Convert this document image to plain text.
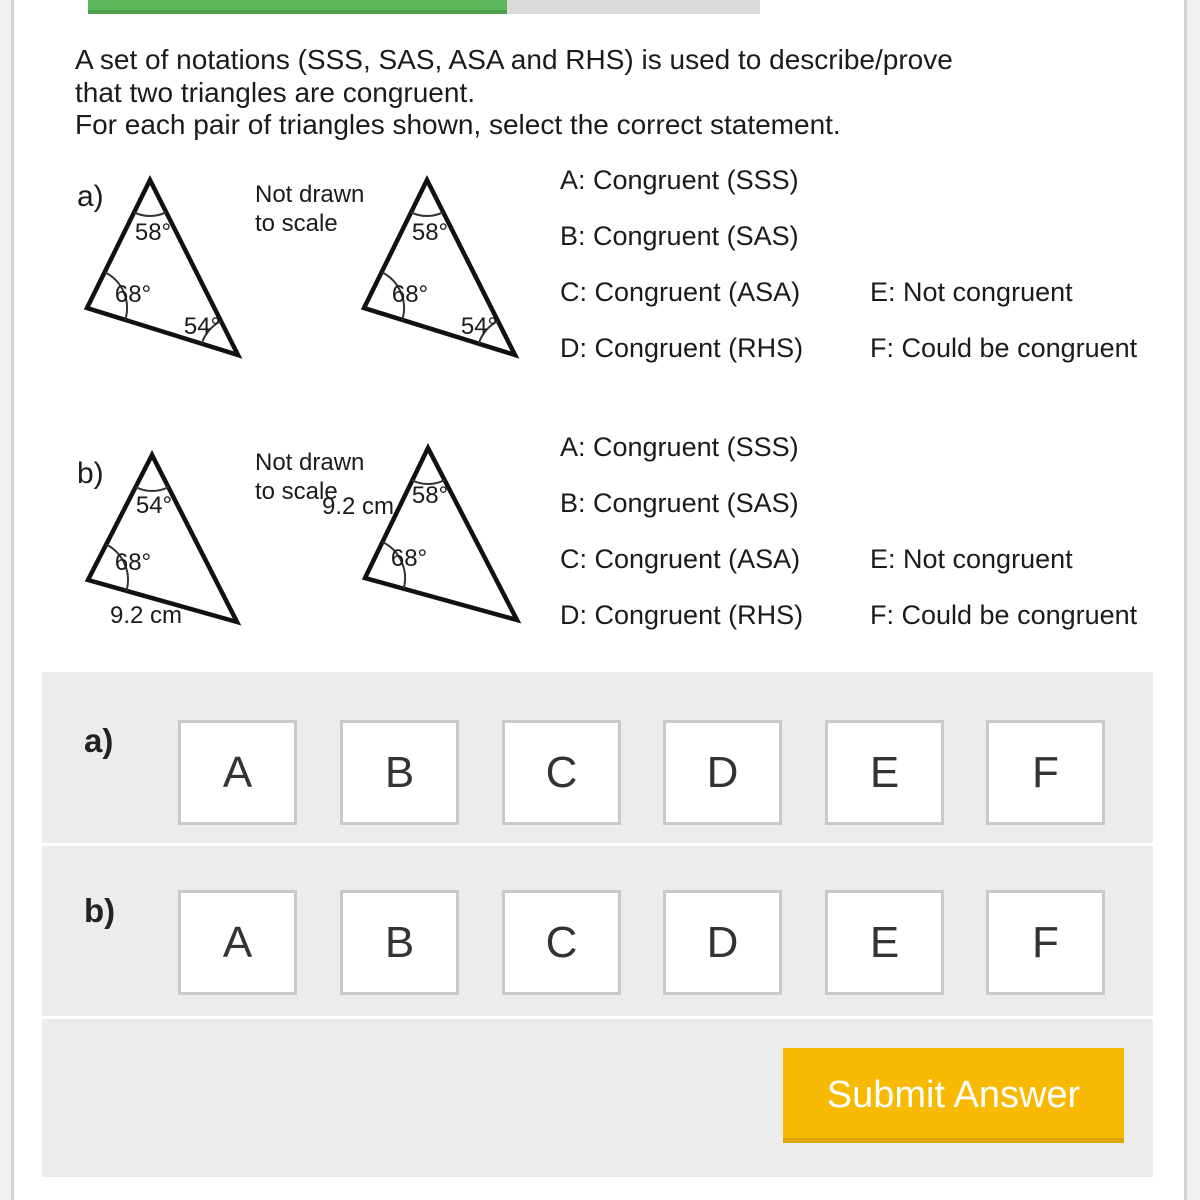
A set of notations (SSS, SAS, ASA and RHS) is used to describe/prove
that two triangles are congruent.
For each pair of triangles shown, select the correct statement.
a)
58°
68°
54°
Not drawn
to scale	58°
68°
54°
A: Congruent (SSS)
B: Congruent (SAS)
C: Congruent (ASA)
D: Congruent (RHS)
E: Not congruent
F: Could be congruent
b)
54°
68°
9.2 cm
Not drawn
to scale	58°
68°
9.2 cm
A: Congruent (SSS)
B: Congruent (SAS)
C: Congruent (ASA)
D: Congruent (RHS)
E: Not congruent
F: Could be congruent
a)
A	B	C	D	E	F
b)
A	B	C	D	E	F
Submit Answer
